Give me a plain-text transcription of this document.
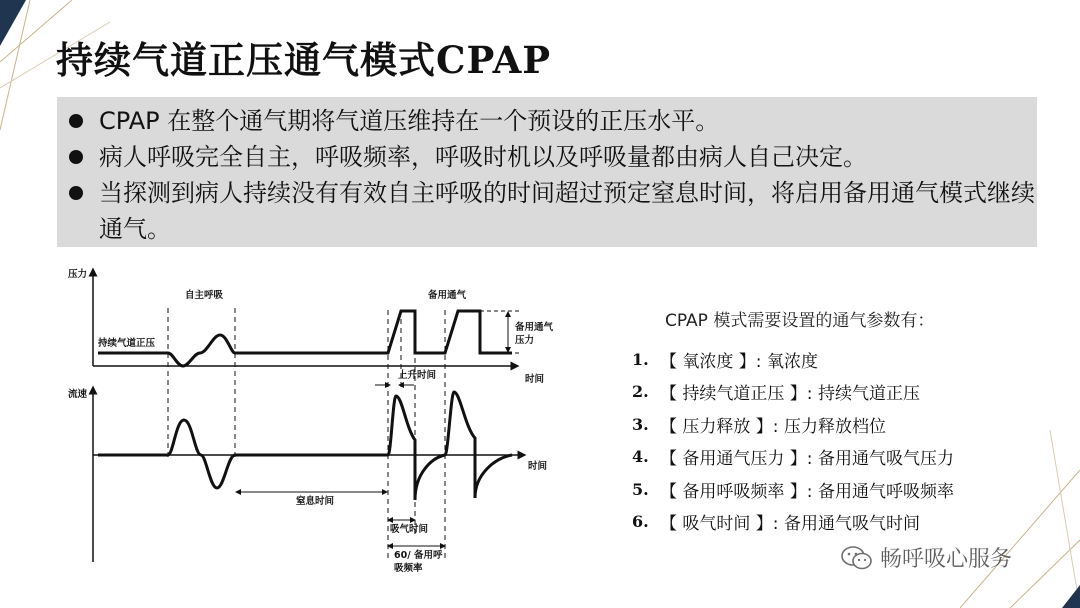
持续气道正压通气模式CPAP
CPAP 在整个通气期将气道压维持在一个预设的正压水平。
病人呼吸完全自主，呼吸频率，呼吸时机以及呼吸量都由病人自己决定。
当探测到病人持续没有有效自主呼吸的时间超过预定窒息时间，将启用备用通气模式继续通气。
压力
时间
持续气道正压
自主呼吸	备用通气
备用通气
压力
上升时间
流速
时间
窒息时间
吸气时间
60/ 备用呼
吸频率
CPAP 模式需要设置的通气参数有：
1. 【 氧浓度 】: 氧浓度
2. 【 持续气道正压 】: 持续气道正压
3. 【 压力释放 】: 压力释放档位
4. 【 备用通气压力 】: 备用通气吸气压力
5. 【 备用呼吸频率 】: 备用通气呼吸频率
6. 【 吸气时间 】: 备用通气吸气时间
畅呼吸心服务
